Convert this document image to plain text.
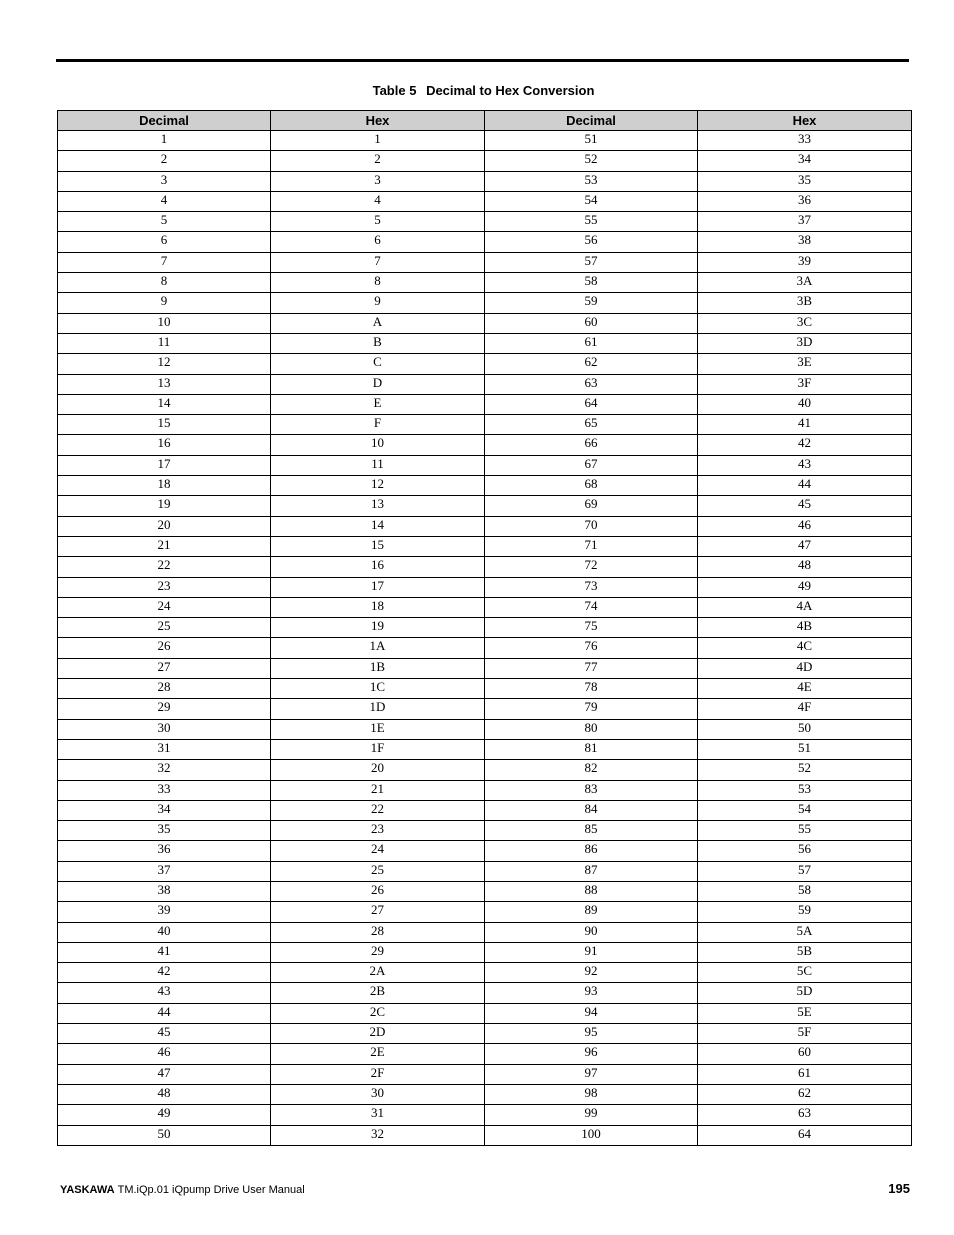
Table 5 Decimal to Hex Conversion
Decimal	Hex	Decimal	Hex
1	1	51	33
2	2	52	34
3	3	53	35
4	4	54	36
5	5	55	37
6	6	56	38
7	7	57	39
8	8	58	3A
9	9	59	3B
10	A	60	3C
11	B	61	3D
12	C	62	3E
13	D	63	3F
14	E	64	40
15	F	65	41
16	10	66	42
17	11	67	43
18	12	68	44
19	13	69	45
20	14	70	46
21	15	71	47
22	16	72	48
23	17	73	49
24	18	74	4A
25	19	75	4B
26	1A	76	4C
27	1B	77	4D
28	1C	78	4E
29	1D	79	4F
30	1E	80	50
31	1F	81	51
32	20	82	52
33	21	83	53
34	22	84	54
35	23	85	55
36	24	86	56
37	25	87	57
38	26	88	58
39	27	89	59
40	28	90	5A
41	29	91	5B
42	2A	92	5C
43	2B	93	5D
44	2C	94	5E
45	2D	95	5F
46	2E	96	60
47	2F	97	61
48	30	98	62
49	31	99	63
50	32	100	64
YASKAWA TM.iQp.01 iQpump Drive User Manual	195
